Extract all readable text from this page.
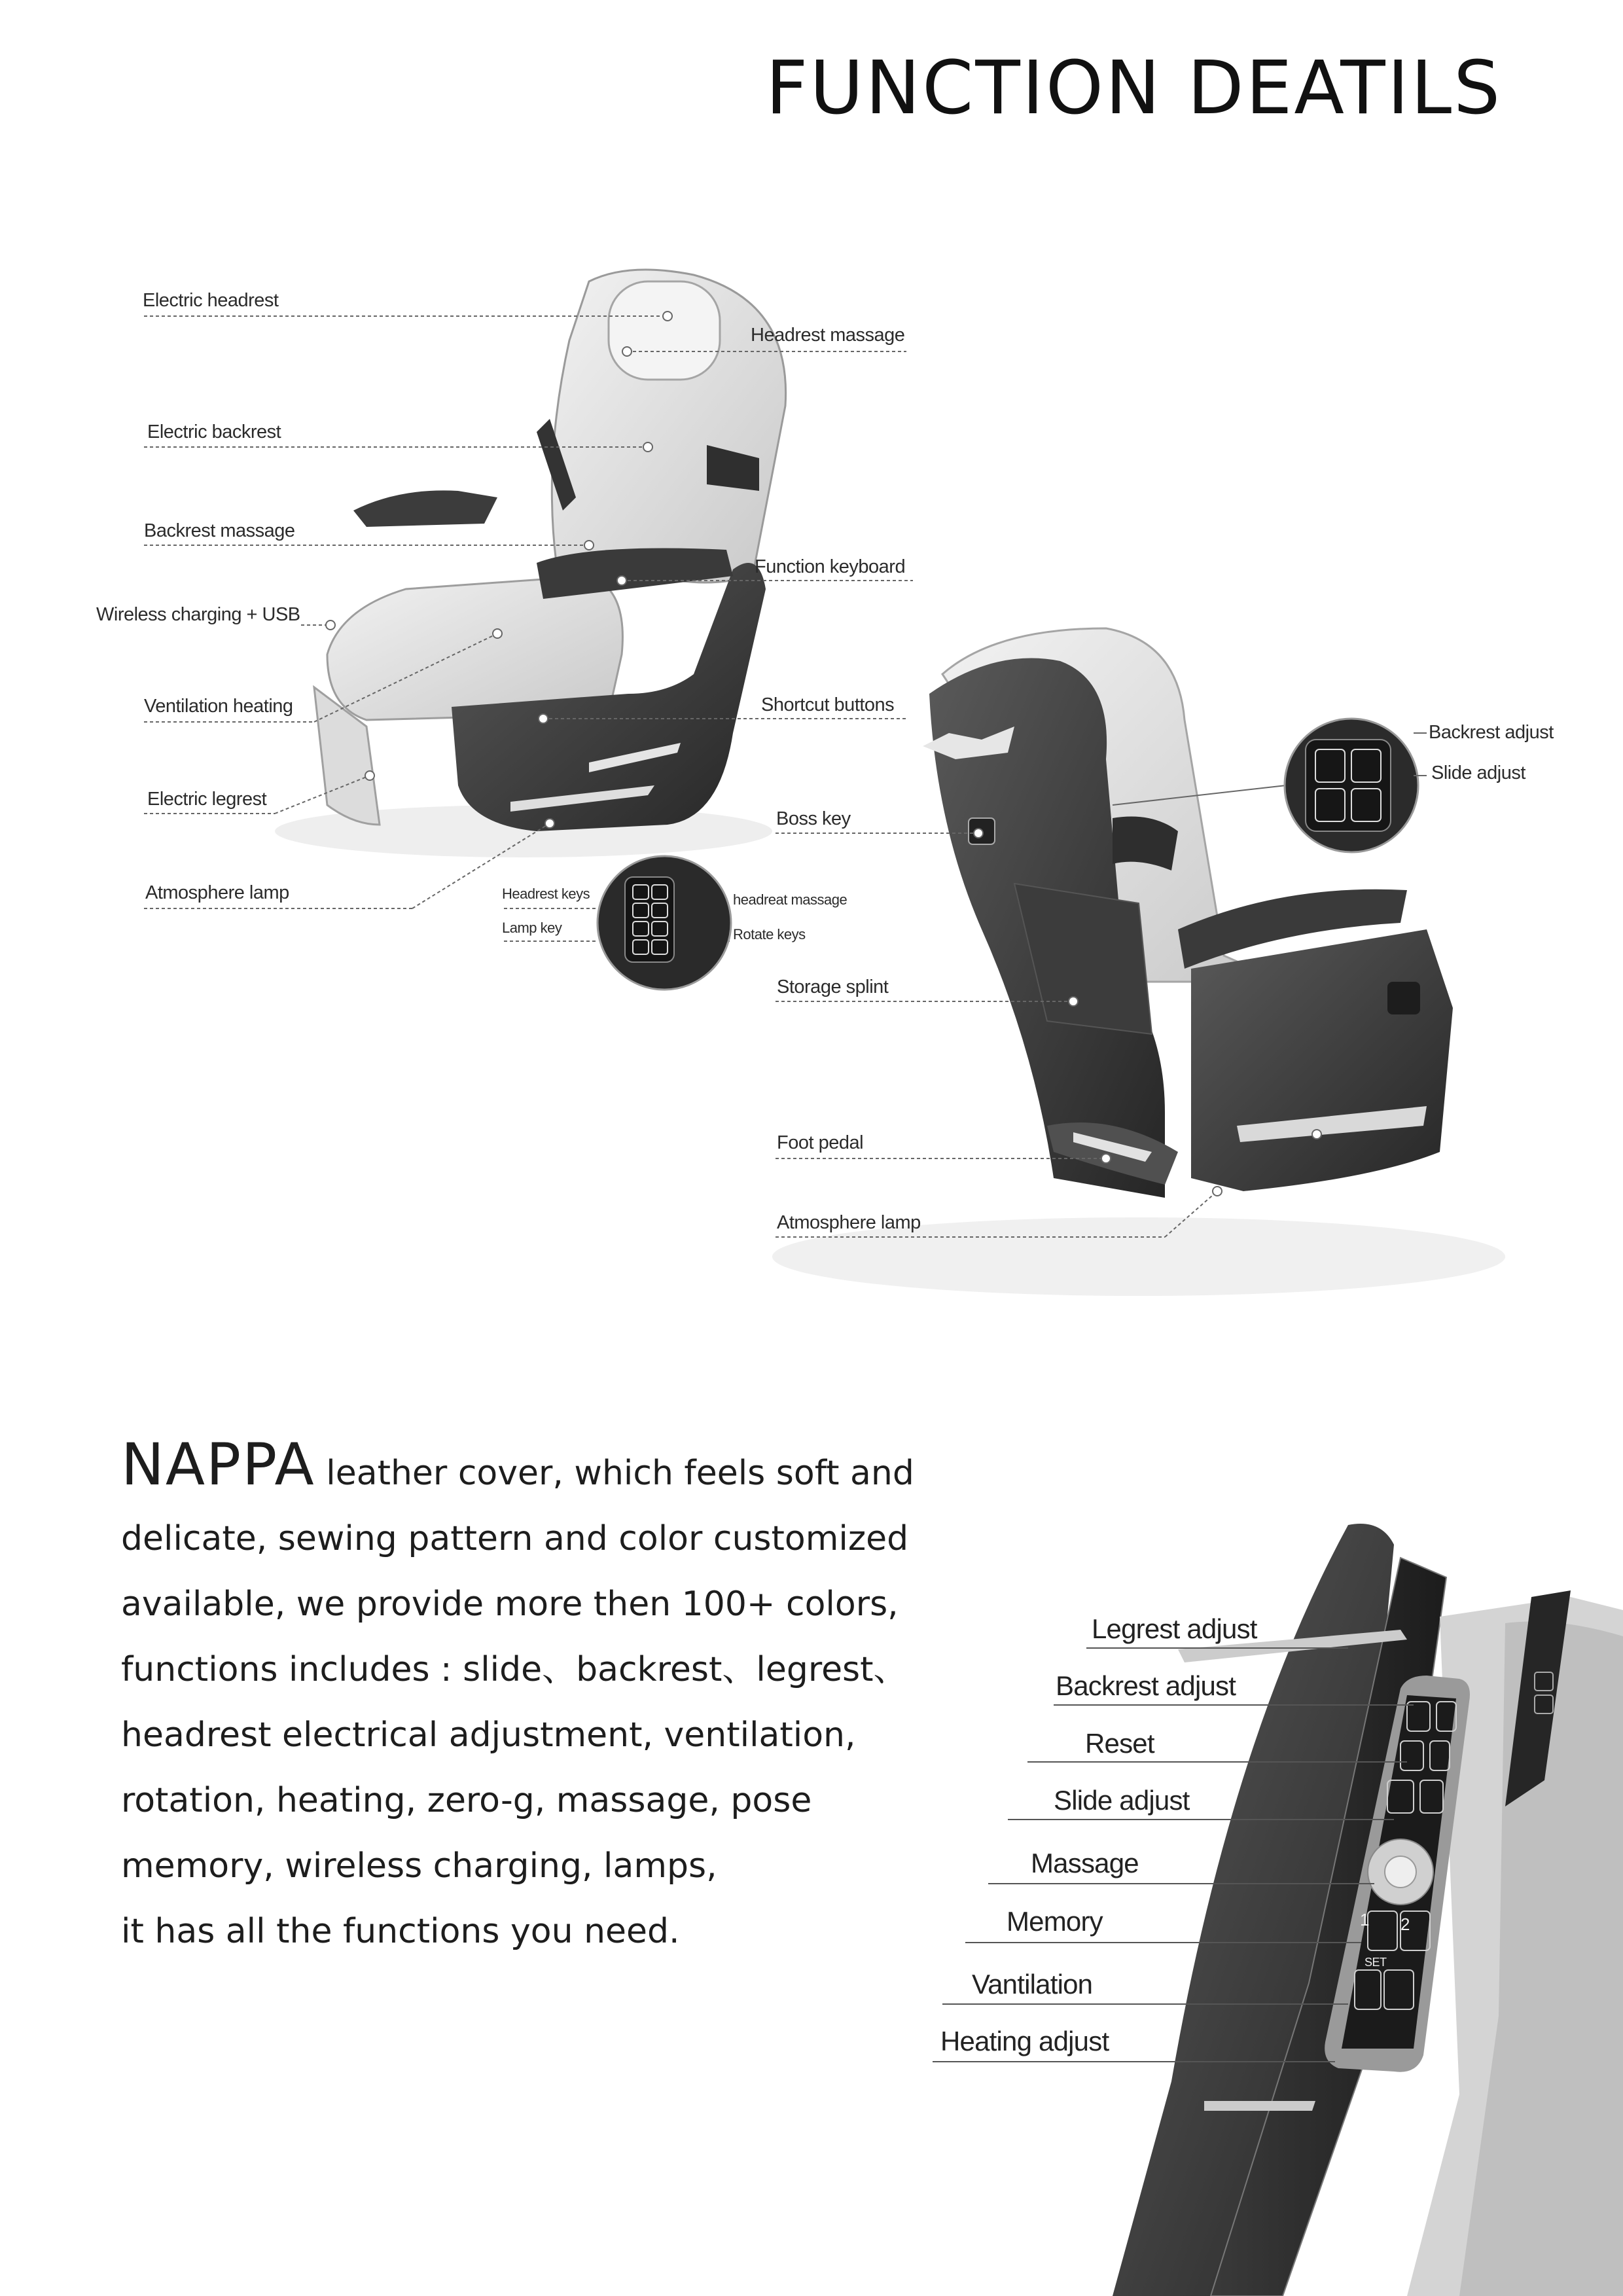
FUNCTION DEATILS
1 2
SET
Electric headrest
Headrest massage
Electric backrest
Backrest massage
Function keyboard
Wireless charging + USB
Ventilation heating	Shortcut buttons
Electric legrest
Atmosphere lamp	Headrest keys
Lamp key
headreat massage
Rotate keys
Backrest adjust
Slide adjust
Boss key
Storage splint
Foot pedal
Atmosphere lamp
NAPPA leather cover, which feels soft and
delicate, sewing pattern and color customized
available, we provide more then 100+ colors,
functions includes : slide、backrest、legrest、
headrest electrical adjustment, ventilation,
rotation, heating, zero-g, massage, pose
memory, wireless charging, lamps,
it has all the functions you need.
Legrest adjust
Backrest adjust
Reset
Slide adjust
Massage
Memory
Vantilation
Heating adjust
